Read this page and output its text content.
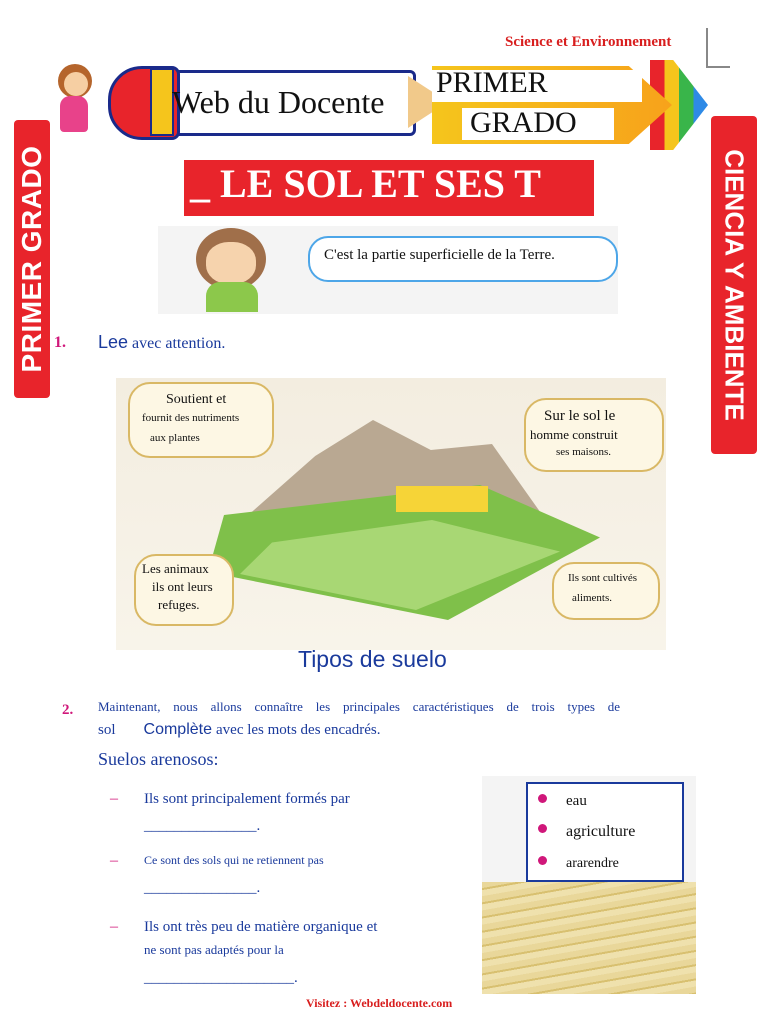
Science et Environnement
Web du Docente
PRIMER
GRADO
PRIMER GRADO	CIENCIA Y AMBIENTE
_ LE SOL ET SES T
C'est la partie superficielle de la Terre.
1. Lee avec attention.
Soutient et
fournit des nutriments
aux plantes
Sur le sol le
homme construit
ses maisons.
Les animaux
ils ont leurs
refuges.
Ils sont cultivés
aliments.
Tipos de suelo
2. Maintenant, nous allons connaître les principales caractéristiques de trois types de
sol Complète avec les mots des encadrés.
Suelos arenosos:
– Ils sont principalement formés par
_______________.
– Ce sont des sols qui ne retiennent pas
_______________.
– Ils ont très peu de matière organique et
ne sont pas adaptés pour la
____________________.
eau
agriculture
ararendre
Visitez : Webdeldocente.com
